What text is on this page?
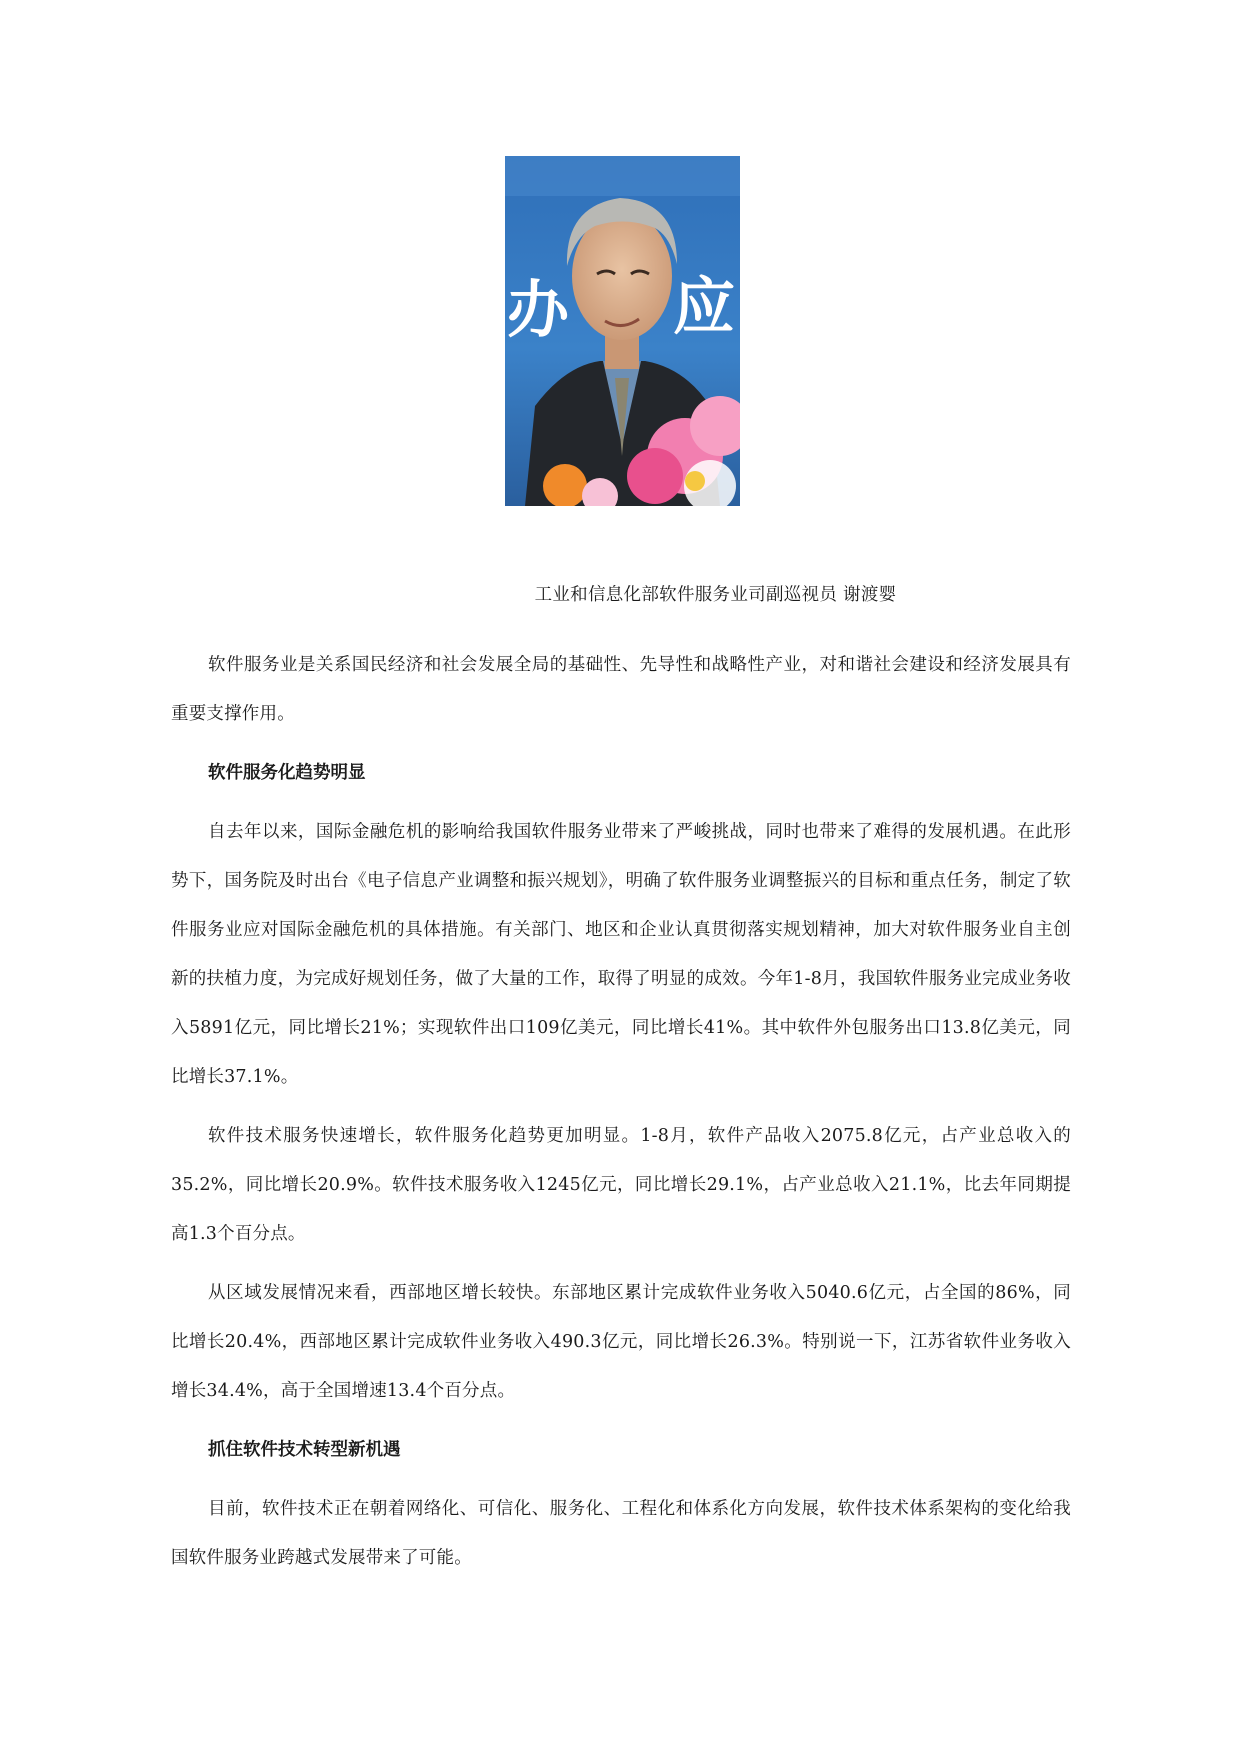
办 应
工业和信息化部软件服务业司副巡视员 谢渡婴

软件服务业是关系国民经济和社会发展全局的基础性、先导性和战略性产业，对和谐社会建设和经济发展具有重要支撑作用。

软件服务化趋势明显

自去年以来，国际金融危机的影响给我国软件服务业带来了严峻挑战，同时也带来了难得的发展机遇。在此形势下，国务院及时出台《电子信息产业调整和振兴规划》，明确了软件服务业调整振兴的目标和重点任务，制定了软件服务业应对国际金融危机的具体措施。有关部门、地区和企业认真贯彻落实规划精神，加大对软件服务业自主创新的扶植力度，为完成好规划任务，做了大量的工作，取得了明显的成效。今年1-8月，我国软件服务业完成业务收入5891亿元，同比增长21%；实现软件出口109亿美元，同比增长41%。其中软件外包服务出口13.8亿美元，同比增长37.1%。

软件技术服务快速增长，软件服务化趋势更加明显。1-8月，软件产品收入2075.8亿元，占产业总收入的35.2%，同比增长20.9%。软件技术服务收入1245亿元，同比增长29.1%，占产业总收入21.1%，比去年同期提高1.3个百分点。

从区域发展情况来看，西部地区增长较快。东部地区累计完成软件业务收入5040.6亿元，占全国的86%，同比增长20.4%，西部地区累计完成软件业务收入490.3亿元，同比增长26.3%。特别说一下，江苏省软件业务收入增长34.4%，高于全国增速13.4个百分点。

抓住软件技术转型新机遇

目前，软件技术正在朝着网络化、可信化、服务化、工程化和体系化方向发展，软件技术体系架构的变化给我国软件服务业跨越式发展带来了可能。
